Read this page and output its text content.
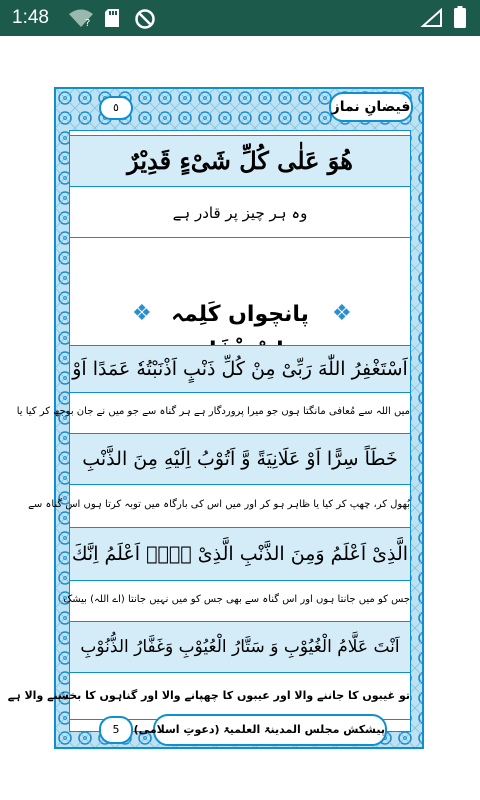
1:48	?
٥	فیضانِ نماز
هُوَ عَلٰى كُلِّ شَیْءٍ قَدِیْرٌ
وہ ہر چیز پر قادر ہے
❖	پانچواں کَلِمہ	❖
اَسْتَغْفِرُ اللّٰهَ رَبِّیْ مِنْ كُلِّ ذَنْبٍ اَذْنَبْتُهٗ عَمَدًا اَوْ
میں اللہ سے مُعافی مانگتا ہوں جو میرا پروردگار ہے ہر گناہ سے جو میں نے جان بوجھ کر کیا یا
خَطَاً سِرًّا اَوْ عَلَانِیَةً وَّ اَتُوْبُ اِلَیْهِ مِنَ الذَّنْبِ
بُھول کر، چھپ کر کیا یا ظاہر ہو کر اور میں اس کی بارگاہ میں توبہ کرتا ہوں اس گناہ سے
الَّذِیْ اَعْلَمُ وَمِنَ الذَّنْبِ الَّذِیْ لَاۤ اَعْلَمُ اِنَّكَ
جس کو میں جانتا ہوں اور اس گناہ سے بھی جس کو میں نہیں جانتا (اے اللہ) بیشک
اَنْتَ عَلَّامُ الْغُیُوْبِ وَ سَتَّارُ الْعُیُوْبِ وَغَفَّارُ الذُّنُوْبِ
تو غیبوں کا جاننے والا اور عیبوں کا چھپانے والا اور گناہوں کا بخشنے والا ہے
5	پیشکش مجلس المدینۃ العلمیۃ (دعوتِ اسلامی)
